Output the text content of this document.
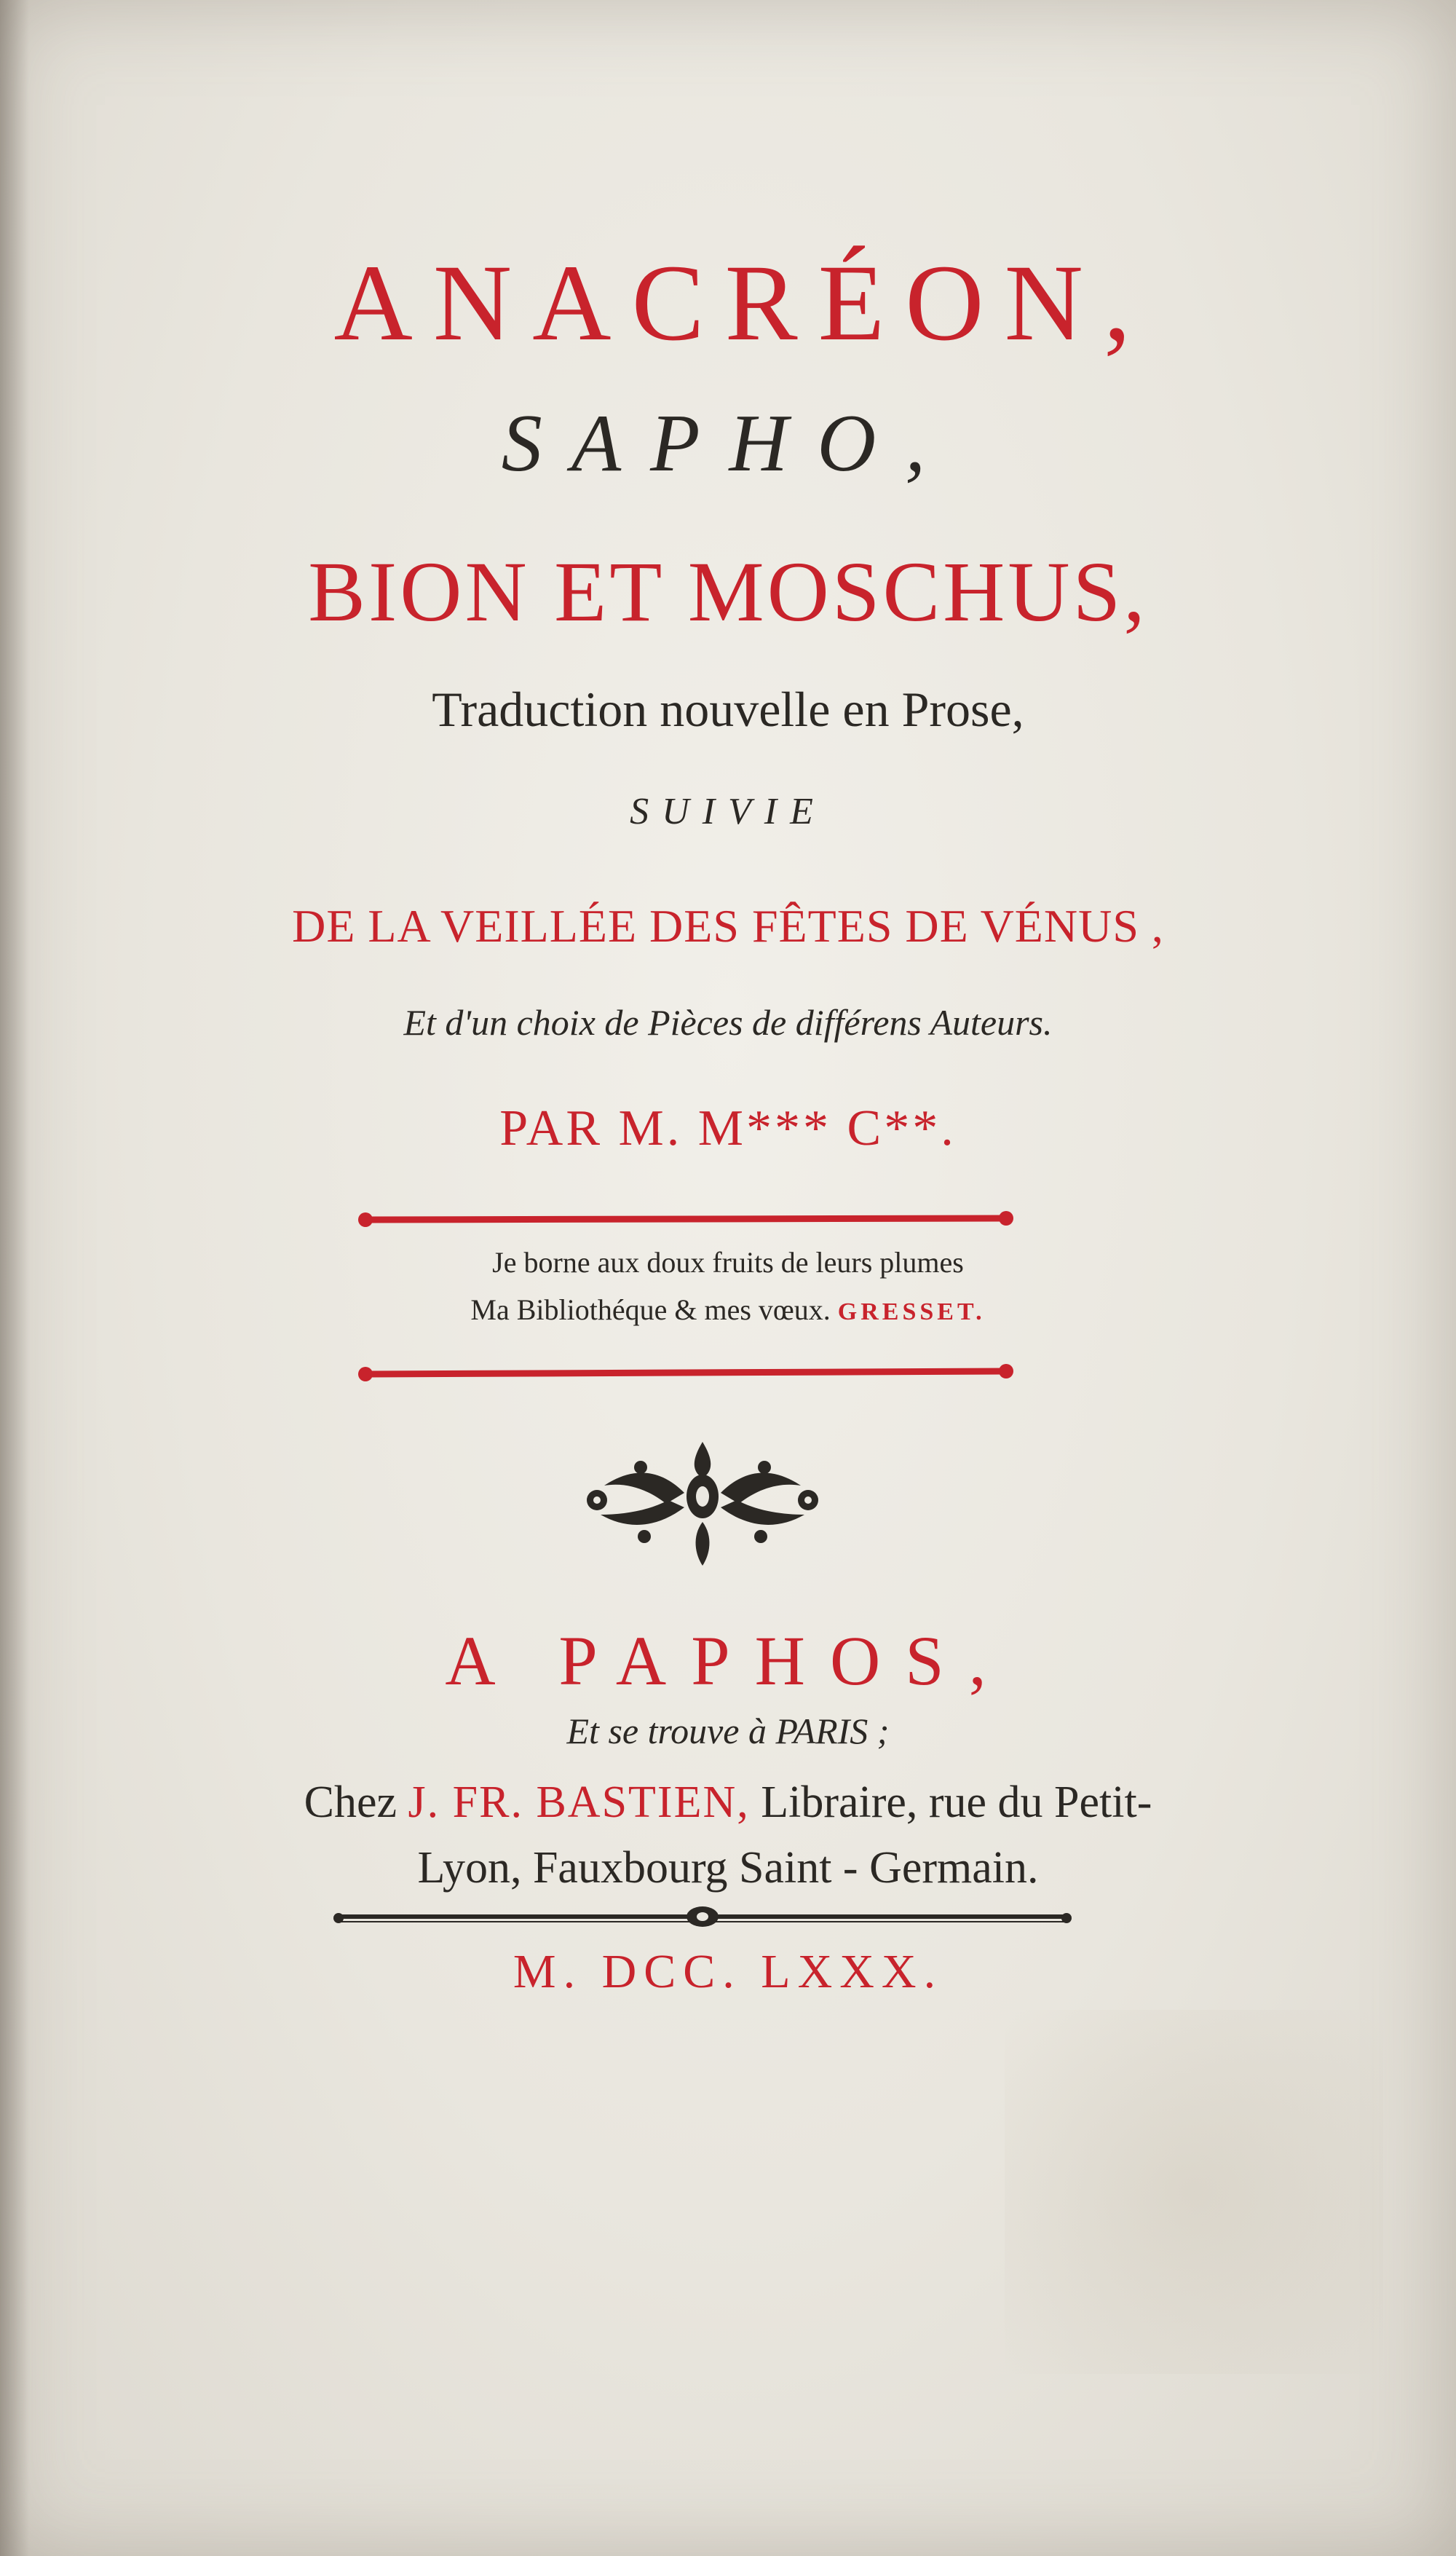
ANACRÉON,
SAPHO,
BION ET MOSCHUS,
Traduction nouvelle en Prose,
SUIVIE
DE LA VEILLÉE DES FÊTES DE VÉNUS ,
Et d'un choix de Pièces de différens Auteurs.
PAR M. M*** C**.
Je borne aux doux fruits de leurs plumes
Ma Bibliothéque & mes vœux. GRESSET.
A PAPHOS,
Et se trouve à PARIS ;
Chez J. FR. BASTIEN, Libraire, rue du Petit-
Lyon, Fauxbourg Saint - Germain.
M. DCC. LXXX.
